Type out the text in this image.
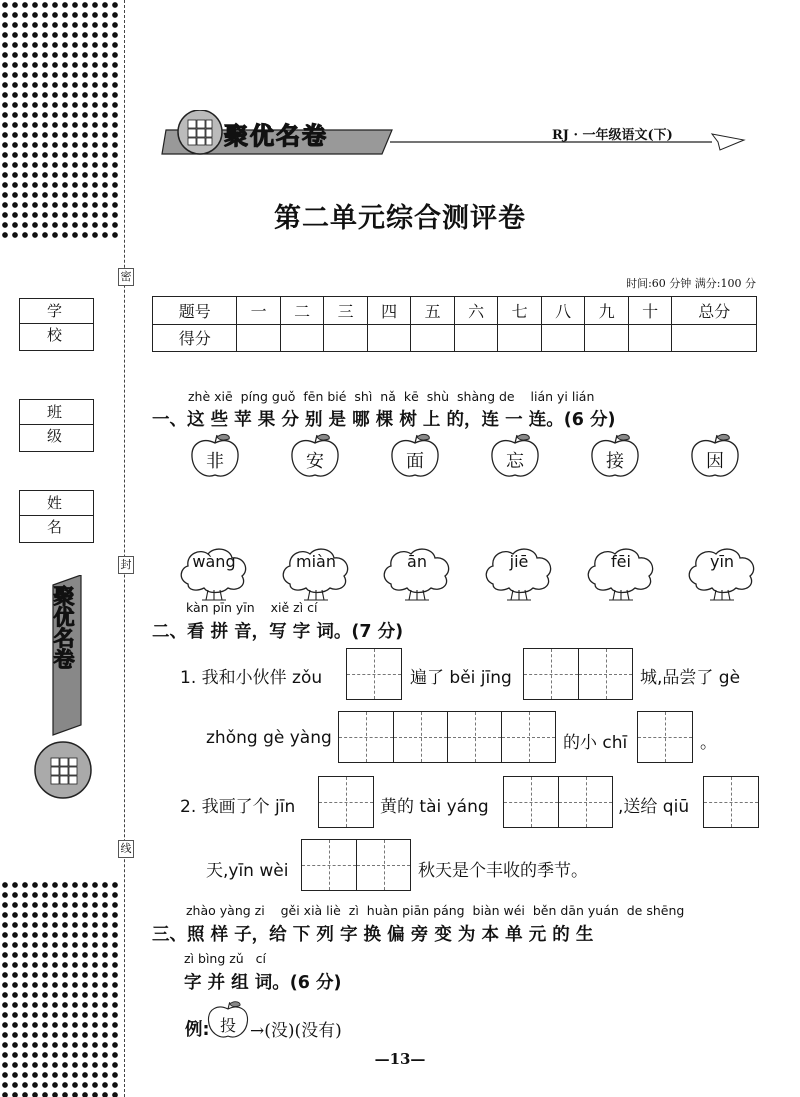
密
封
线
学 校
班 级
姓 名
聚优名卷
聚优名卷	RJ · 一年级语文(下)
第二单元综合测评卷
时间:60 分钟 满分:100 分
题号	一	二	三	四	五	六	七	八	九	十	总分
得分											
zhè xiē píng guǒ fēn bié shì nǎ kē shù shàng de lián yi lián
一、这 些 苹 果 分 别 是 哪 棵 树 上 的，连 一 连。(6 分)
非	安	面	忘	接	因
wàng	miàn	ān	jiē	fēi	yīn
kàn pīn yīn xiě zì cí
二、看 拼 音，写 字 词。(7 分)
1. 我和小伙伴 zǒu	遍了 běi jīng	城,品尝了 gè
zhǒng gè yàng	的小 chī	。
2. 我画了个 jīn	黄的 tài yáng	,送给 qiū
天,yīn wèi	秋天是个丰收的季节。
zhào yàng zi gěi xià liè zì huàn piān páng biàn wéi běn dān yuán de shēng
三、照 样 子，给 下 列 字 换 偏 旁 变 为 本 单 元 的 生
zì bìng zǔ cí
字 并 组 词。(6 分)
例: 投 →(没)(没有)
—13—
